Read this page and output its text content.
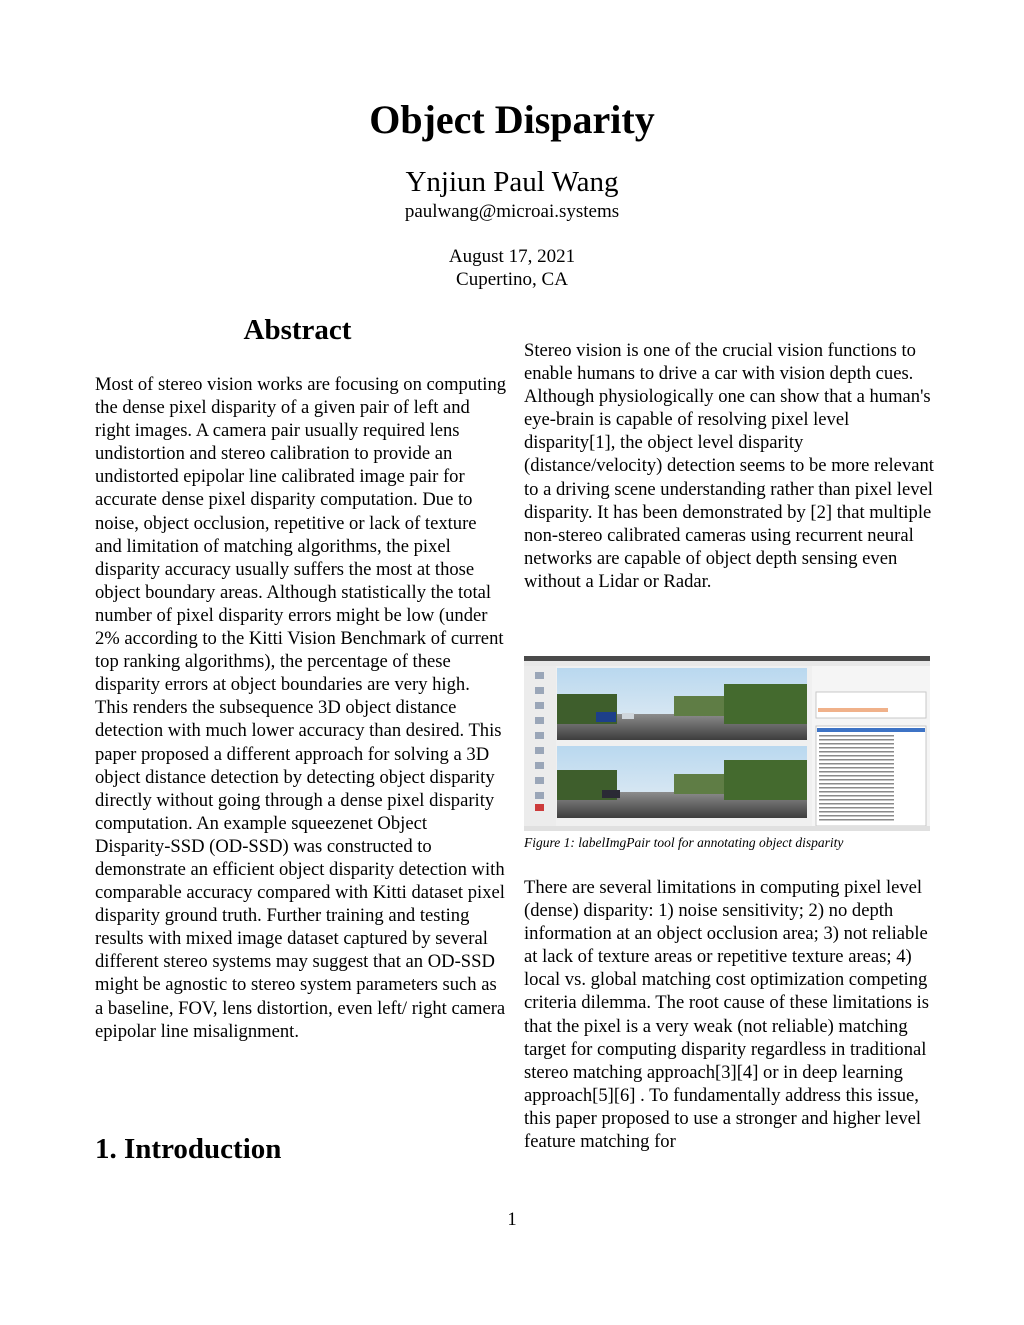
Object Disparity
Ynjiun Paul Wang
paulwang@microai.systems
August 17, 2021
Cupertino, CA
Abstract

Most of stereo vision works are focusing on computing the dense pixel disparity of a given pair of left and right images. A camera pair usually required lens undistortion and stereo calibration to provide an undistorted epipolar line calibrated image pair for accurate dense pixel disparity computation. Due to noise, object occlusion, repetitive or lack of texture and limitation of matching algorithms, the pixel disparity accuracy usually suffers the most at those object boundary areas. Although statistically the total number of pixel disparity errors might be low (under 2% according to the Kitti Vision Benchmark of current top ranking algorithms), the percentage of these disparity errors at object boundaries are very high. This renders the subsequence 3D object distance detection with much lower accuracy than desired. This paper proposed a different approach for solving a 3D object distance detection by detecting object disparity directly without going through a dense pixel disparity computation. An example squeezenet Object Disparity-SSD (OD-SSD) was constructed to demonstrate an efficient object disparity detection with comparable accuracy compared with Kitti dataset pixel disparity ground truth. Further training and testing results with mixed image dataset captured by several different stereo systems may suggest that an OD-SSD might be agnostic to stereo system parameters such as a baseline, FOV, lens distortion, even left/ right camera epipolar line misalignment.

1. Introduction

Stereo vision is one of the crucial vision functions to enable humans to drive a car with vision depth cues. Although physiologically one can show that a human's eye-brain is capable of resolving pixel level disparity[1], the object level disparity (distance/velocity) detection seems to be more relevant to a driving scene understanding rather than pixel level disparity. It has been demonstrated by [2] that multiple non-stereo calibrated cameras using recurrent neural networks are capable of object depth sensing even without a Lidar or Radar.

Figure 1: labelImgPair tool for annotating object disparity

There are several limitations in computing pixel level (dense) disparity: 1) noise sensitivity; 2) no depth information at an object occlusion area; 3) not reliable at lack of texture areas or repetitive texture areas; 4) local vs. global matching cost optimization competing criteria dilemma. The root cause of these limitations is that the pixel is a very weak (not reliable) matching target for computing disparity regardless in traditional stereo matching approach[3][4] or in deep learning approach[5][6] . To fundamentally address this issue, this paper proposed to use a stronger and higher level feature matching for

1
